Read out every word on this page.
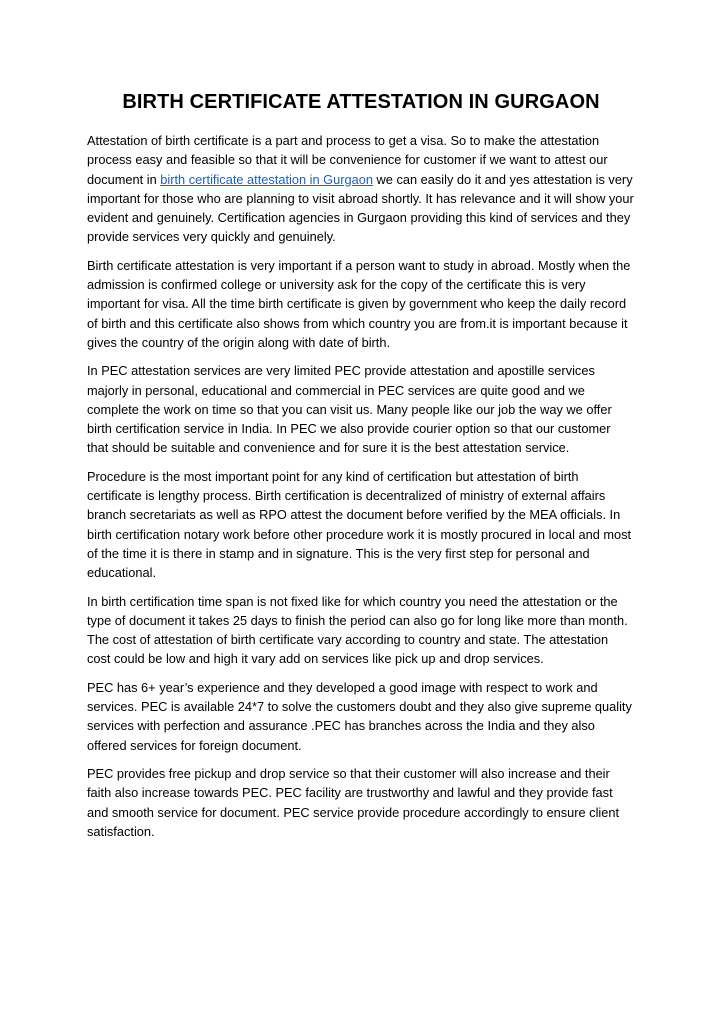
BIRTH CERTIFICATE ATTESTATION IN GURGAON

Attestation of birth certificate is a part and process to get a visa. So to make the attestation process easy and feasible so that it will be convenience for customer if we want to attest our document in birth certificate attestation in Gurgaon we can easily do it and yes attestation is very important for those who are planning to visit abroad shortly. It has relevance and it will show your evident and genuinely. Certification agencies in Gurgaon providing this kind of services and they provide services very quickly and genuinely.

Birth certificate attestation is very important if a person want to study in abroad. Mostly when the admission is confirmed college or university ask for the copy of the certificate this is very important for visa. All the time birth certificate is given by government who keep the daily record of birth and this certificate also shows from which country you are from.it is important because it gives the country of the origin along with date of birth.

In PEC attestation services are very limited PEC provide attestation and apostille services majorly in personal, educational and commercial in PEC services are quite good and we complete the work on time so that you can visit us. Many people like our job the way we offer birth certification service in India. In PEC we also provide courier option so that our customer that should be suitable and convenience and for sure it is the best attestation service.

Procedure is the most important point for any kind of certification but attestation of birth certificate is lengthy process. Birth certification is decentralized of ministry of external affairs branch secretariats as well as RPO attest the document before verified by the MEA officials. In birth certification notary work before other procedure work it is mostly procured in local and most of the time it is there in stamp and in signature. This is the very first step for personal and educational.

In birth certification time span is not fixed like for which country you need the attestation or the type of document it takes 25 days to finish the period can also go for long like more than month. The cost of attestation of birth certificate vary according to country and state. The attestation cost could be low and high it vary add on services like pick up and drop services.

PEC has 6+ year’s experience and they developed a good image with respect to work and services. PEC is available 24*7 to solve the customers doubt and they also give supreme quality services with perfection and assurance .PEC has branches across the India and they also offered services for foreign document.

PEC provides free pickup and drop service so that their customer will also increase and their faith also increase towards PEC. PEC facility are trustworthy and lawful and they provide fast and smooth service for document. PEC service provide procedure accordingly to ensure client satisfaction.
